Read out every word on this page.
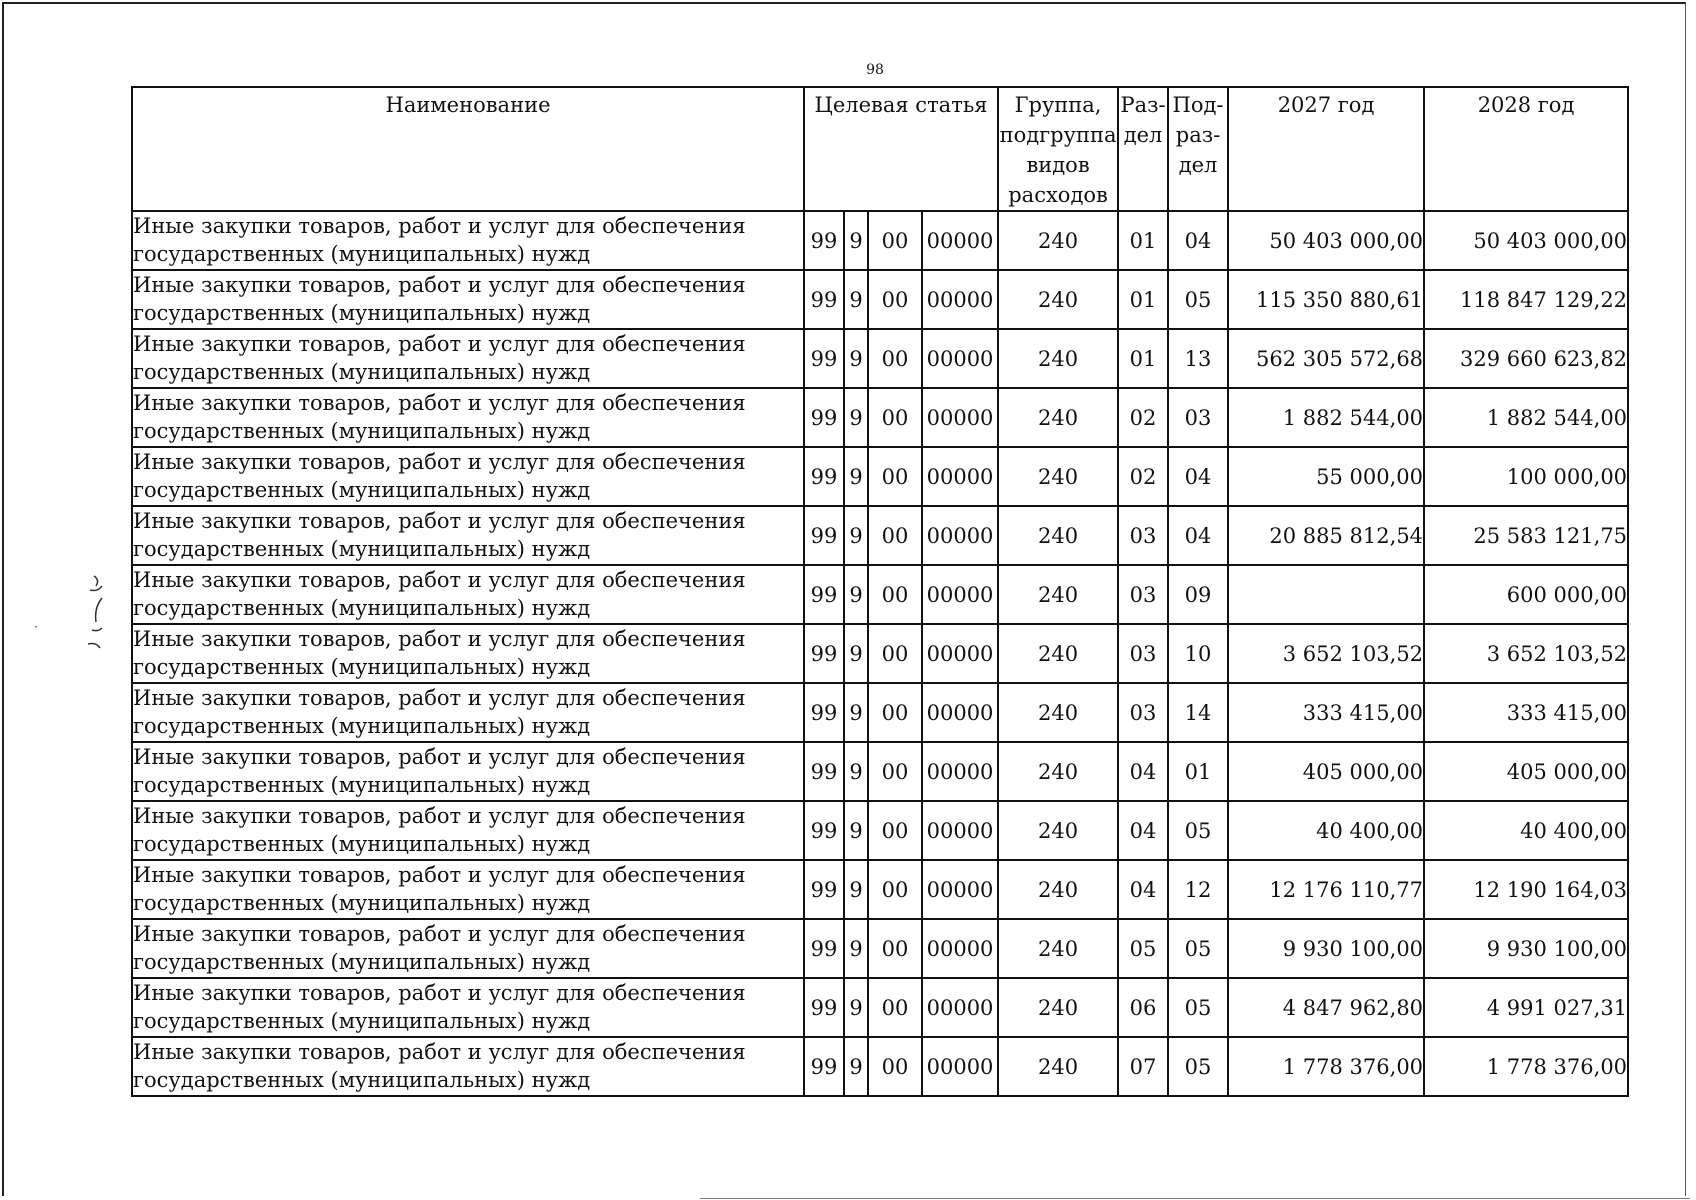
98
·
Наименование	Целевая статья				Группа, подгруппа видов расходов	Раз-дел	Под-раз-дел	2027 год	2028 год
Иные закупки товаров, работ и услуг для обеспечения государственных (муниципальных) нужд	99	9	00	00000	240	01	04	50 403 000,00	50 403 000,00
Иные закупки товаров, работ и услуг для обеспечения государственных (муниципальных) нужд	99	9	00	00000	240	01	05	115 350 880,61	118 847 129,22
Иные закупки товаров, работ и услуг для обеспечения государственных (муниципальных) нужд	99	9	00	00000	240	01	13	562 305 572,68	329 660 623,82
Иные закупки товаров, работ и услуг для обеспечения государственных (муниципальных) нужд	99	9	00	00000	240	02	03	1 882 544,00	1 882 544,00
Иные закупки товаров, работ и услуг для обеспечения государственных (муниципальных) нужд	99	9	00	00000	240	02	04	55 000,00	100 000,00
Иные закупки товаров, работ и услуг для обеспечения государственных (муниципальных) нужд	99	9	00	00000	240	03	04	20 885 812,54	25 583 121,75
Иные закупки товаров, работ и услуг для обеспечения государственных (муниципальных) нужд	99	9	00	00000	240	03	09		600 000,00
Иные закупки товаров, работ и услуг для обеспечения государственных (муниципальных) нужд	99	9	00	00000	240	03	10	3 652 103,52	3 652 103,52
Иные закупки товаров, работ и услуг для обеспечения государственных (муниципальных) нужд	99	9	00	00000	240	03	14	333 415,00	333 415,00
Иные закупки товаров, работ и услуг для обеспечения государственных (муниципальных) нужд	99	9	00	00000	240	04	01	405 000,00	405 000,00
Иные закупки товаров, работ и услуг для обеспечения государственных (муниципальных) нужд	99	9	00	00000	240	04	05	40 400,00	40 400,00
Иные закупки товаров, работ и услуг для обеспечения государственных (муниципальных) нужд	99	9	00	00000	240	04	12	12 176 110,77	12 190 164,03
Иные закупки товаров, работ и услуг для обеспечения государственных (муниципальных) нужд	99	9	00	00000	240	05	05	9 930 100,00	9 930 100,00
Иные закупки товаров, работ и услуг для обеспечения государственных (муниципальных) нужд	99	9	00	00000	240	06	05	4 847 962,80	4 991 027,31
Иные закупки товаров, работ и услуг для обеспечения государственных (муниципальных) нужд	99	9	00	00000	240	07	05	1 778 376,00	1 778 376,00
